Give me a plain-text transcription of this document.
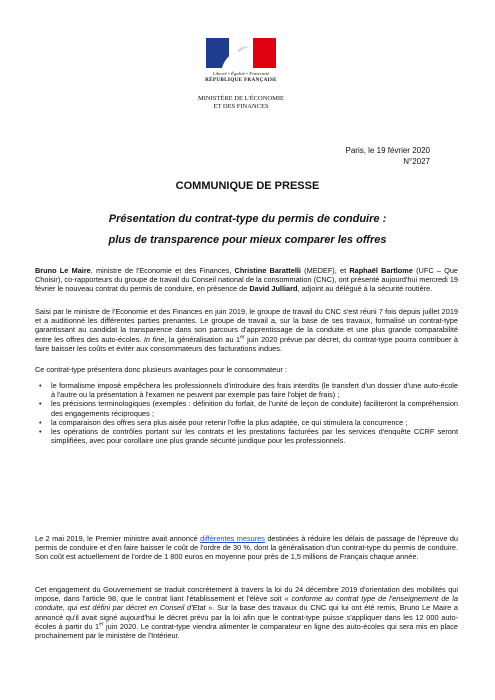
Liberté • Égalité • Fraternité
RÉPUBLIQUE FRANÇAISE
MINISTÈRE DE L'ÉCONOMIE
ET DES FINANCES
Paris, le 19 février 2020
N°2027
COMMUNIQUE DE PRESSE
Présentation du contrat-type du permis de conduire :
plus de transparence pour mieux comparer les offres

Bruno Le Maire, ministre de l'Economie et des Finances, Christine Barattelli (MEDEF), et Raphaël Bartlome (UFC – Que Choisir), co-rapporteurs du groupe de travail du Conseil national de la consommation (CNC), ont présenté aujourd'hui mercredi 19 février le nouveau contrat du permis de conduire, en présence de David Julliard, adjoint au délégué à la sécurité routière.

Saisi par le ministre de l'Economie et des Finances en juin 2019, le groupe de travail du CNC s'est réuni 7 fois depuis juillet 2019 et a auditionné les différentes parties prenantes. Le groupe de travail a, sur la base de ses travaux, formalisé un contrat-type garantissant au candidat la transparence dans son parcours d'apprentissage de la conduite et une plus grande comparabilité entre les offres des auto-écoles. In fine, la généralisation au 1er juin 2020 prévue par décret, du contrat-type pourra contribuer à faire baisser les coûts et éviter aux consommateurs des facturations indues.

Ce contrat-type présentera donc plusieurs avantages pour le consommateur :
• le formalisme imposé empêchera les professionnels d'introduire des frais interdits (le transfert d'un dossier d'une auto-école à l'autre ou la présentation à l'examen ne peuvent par exemple pas faire l'objet de frais) ;
• les précisions terminologiques (exemples : définition du forfait, de l'unité de leçon de conduite) faciliteront la compréhension des engagements réciproques ;
• la comparaison des offres sera plus aisée pour retenir l'offre la plus adaptée, ce qui stimulera la concurrence ;
• les opérations de contrôles portant sur les contrats et les prestations facturées par les services d'enquête CCRF seront simplifiées, avec pour corollaire une plus grande sécurité juridique pour les professionnels.

Le 2 mai 2019, le Premier ministre avait annoncé différentes mesures destinées à réduire les délais de passage de l'épreuve du permis de conduire et d'en faire baisser le coût de l'ordre de 30 %, dont la généralisation d'un contrat-type du permis de conduire. Son coût est actuellement de l'ordre de 1 800 euros en moyenne pour près de 1,5 millions de Français chaque année.

Cet engagement du Gouvernement se traduit concrètement à travers la loi du 24 décembre 2019 d'orientation des mobilités qui impose, dans l'article 98, que le contrat liant l'établissement et l'élève soit « conforme au contrat type de l'enseignement de la conduite, qui est défini par décret en Conseil d'Etat ». Sur la base des travaux du CNC qui lui ont été remis, Bruno Le Maire a annoncé qu'il avait signé aujourd'hui le décret prévu par la loi afin que le contrat-type puisse s'appliquer dans les 12 000 auto-écoles à partir du 1er juin 2020. Le contrat-type viendra alimenter le comparateur en ligne des auto-écoles qui sera mis en place prochainement par le ministère de l'Intérieur.
